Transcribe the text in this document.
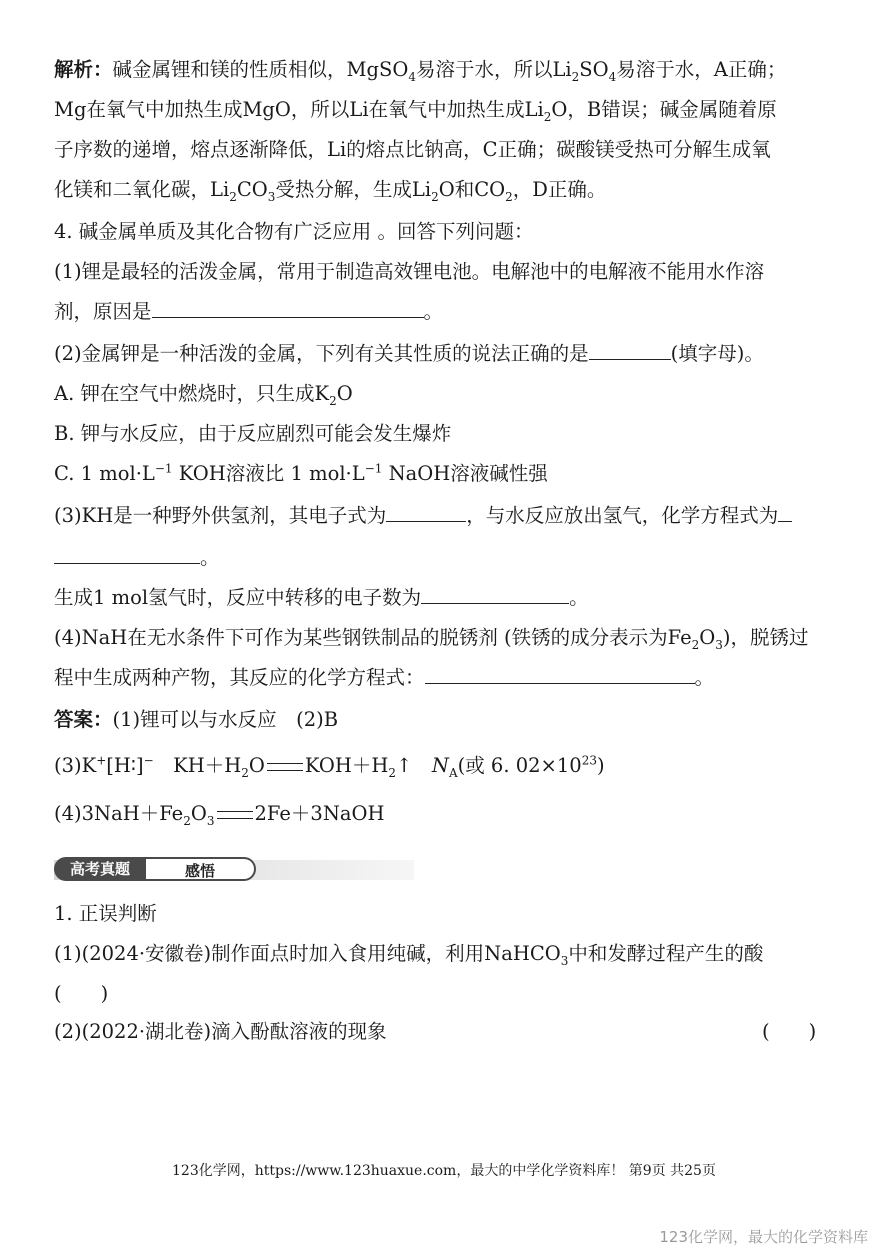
解析：碱金属锂和镁的性质相似，MgSO$_4$易溶于水，所以$Li_2SO_4$易溶于水，A正确；
Mg在氧气中加热生成MgO，所以Li在氧气中加热生成$Li_2O$，B错误；碱金属随着原
子序数的递增，熔点逐渐降低，Li的熔点比钠高，C正确；碳酸镁受热可分解生成氧
化镁和二氧化碳，$Li_2CO_3$受热分解，生成$Li_2O$和$CO_2$，D正确。
4. 碱金属单质及其化合物有广泛应用 。回答下列问题：
(1)锂是最轻的活泼金属，常用于制造高效锂电池。电解池中的电解液不能用水作溶
剂，原因是	。
(2)金属钾是一种活泼的金属，下列有关其性质的说法正确的是	(填字母)。
A. 钾在空气中燃烧时，只生成$K_2O$
B. 钾与水反应，由于反应剧烈可能会发生爆炸
C. 1 $mol\cdot L^{-1}$ KOH溶液比 1 $mol\cdot L^{-1}$ NaOH溶液碱性强
(3)KH是一种野外供氢剂，其电子式为	，与水反应放出氢气，化学方程式为
。
生成1 mol氢气时，反应中转移的电子数为	。
(4)NaH在无水条件下可作为某些钢铁制品的脱锈剂 (铁锈的成分表示为$Fe_2O_3$)，脱锈过
程中生成两种产物，其反应的化学方程式：	。
答案：(1)锂可以与水反应　(2)B
(3)K+[H∶]−　$KH+H_2O$ $KOH+H_2↑$　$N_A$(或 6. $02\times 10^{23}$)
$(4)3NaH+Fe_2O_3$ 2Fe＋3NaOH
高考真题	感悟
1. 正误判断
(1)(2024·安徽卷)制作面点时加入食用纯碱，利用NaHCO$_3$中和发酵过程产生的酸
(　　)
(2)(2022·湖北卷)滴入酚酞溶液的现象	(　　)
123化学网，https://www.123huaxue.com，最大的中学化学资料库！ 第9页 共25页
123化学网，最大的化学资料库
